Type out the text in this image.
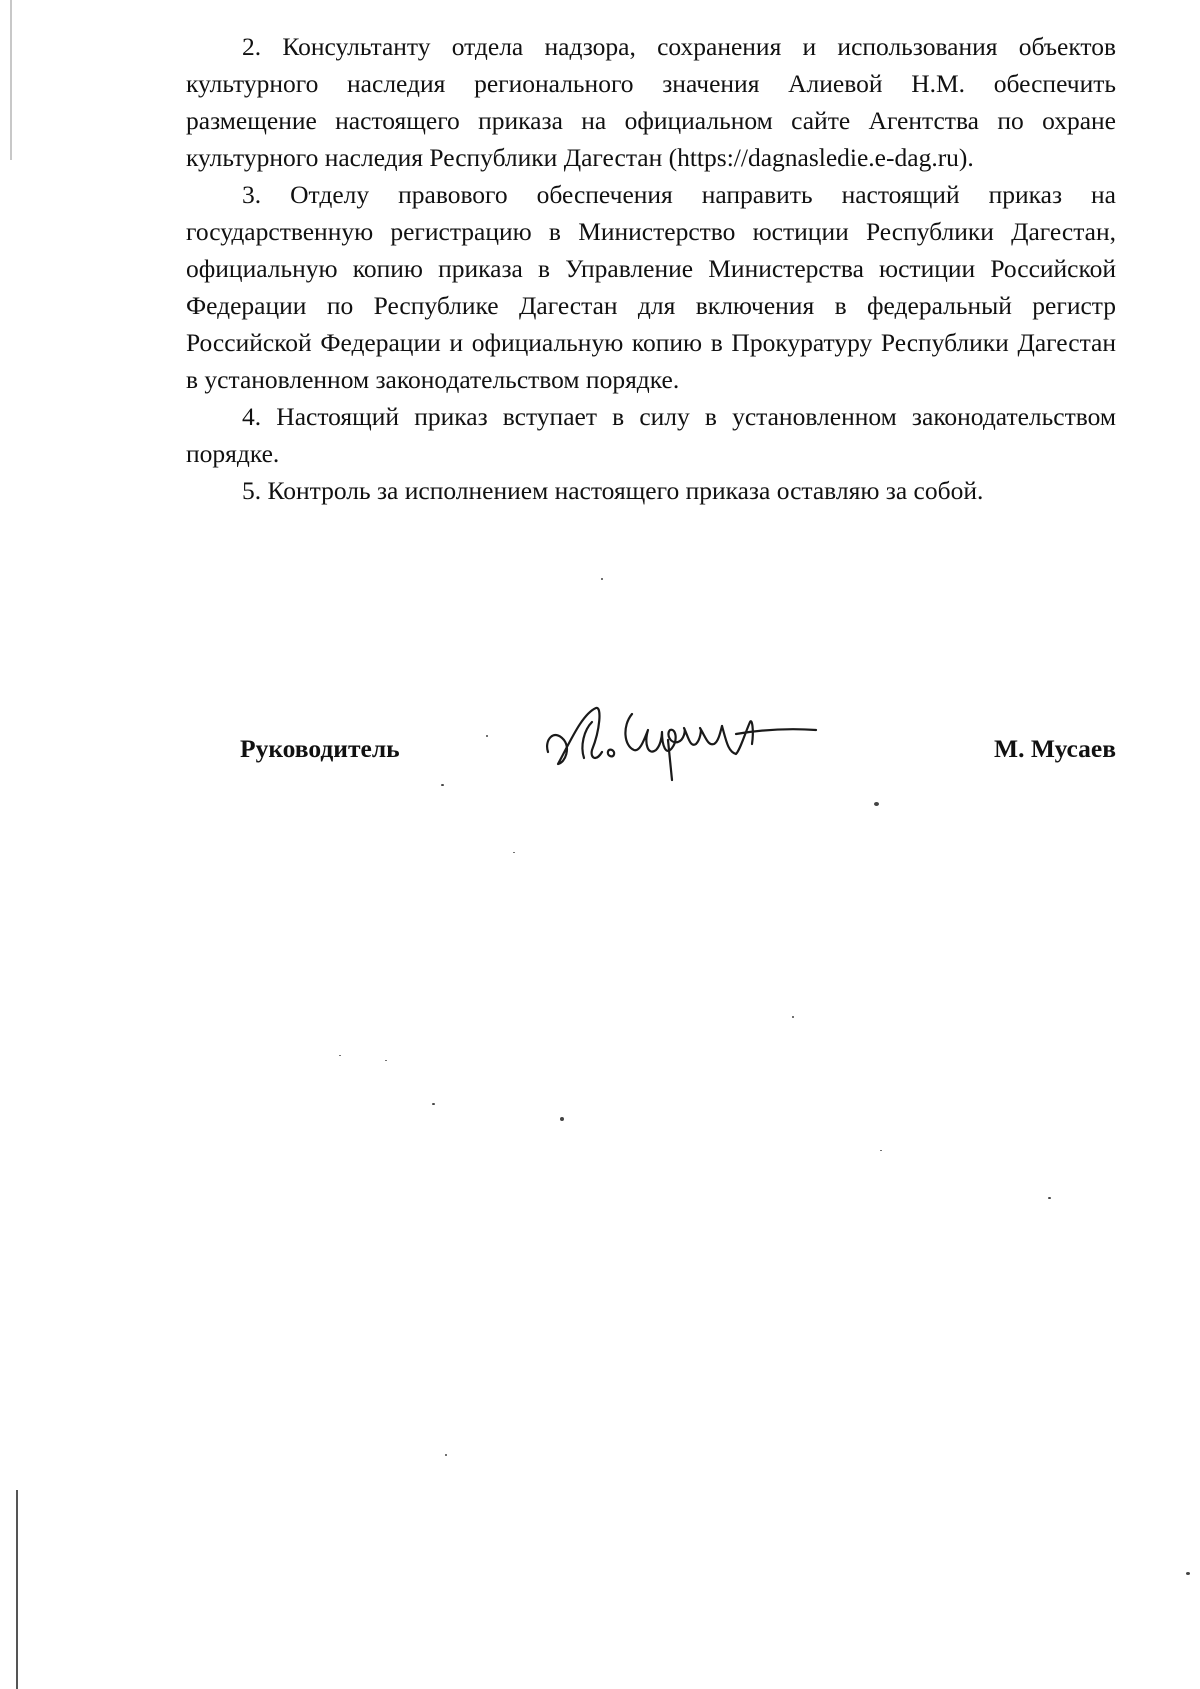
2. Консультанту отдела надзора, сохранения и использования объектов культурного наследия регионального значения Алиевой Н.М. обеспечить размещение настоящего приказа на официальном сайте Агентства по охране культурного наследия Республики Дагестан (https://dagnasledie.e-dag.ru).

3. Отделу правового обеспечения направить настоящий приказ на государственную регистрацию в Министерство юстиции Республики Дагестан, официальную копию приказа в Управление Министерства юстиции Российской Федерации по Республике Дагестан для включения в федеральный регистр Российской Федерации и официальную копию в Прокуратуру Республики Дагестан в установленном законодательством порядке.

4. Настоящий приказ вступает в силу в установленном законодательством порядке.

5. Контроль за исполнением настоящего приказа оставляю за собой.

Руководитель	М. Мусаев
